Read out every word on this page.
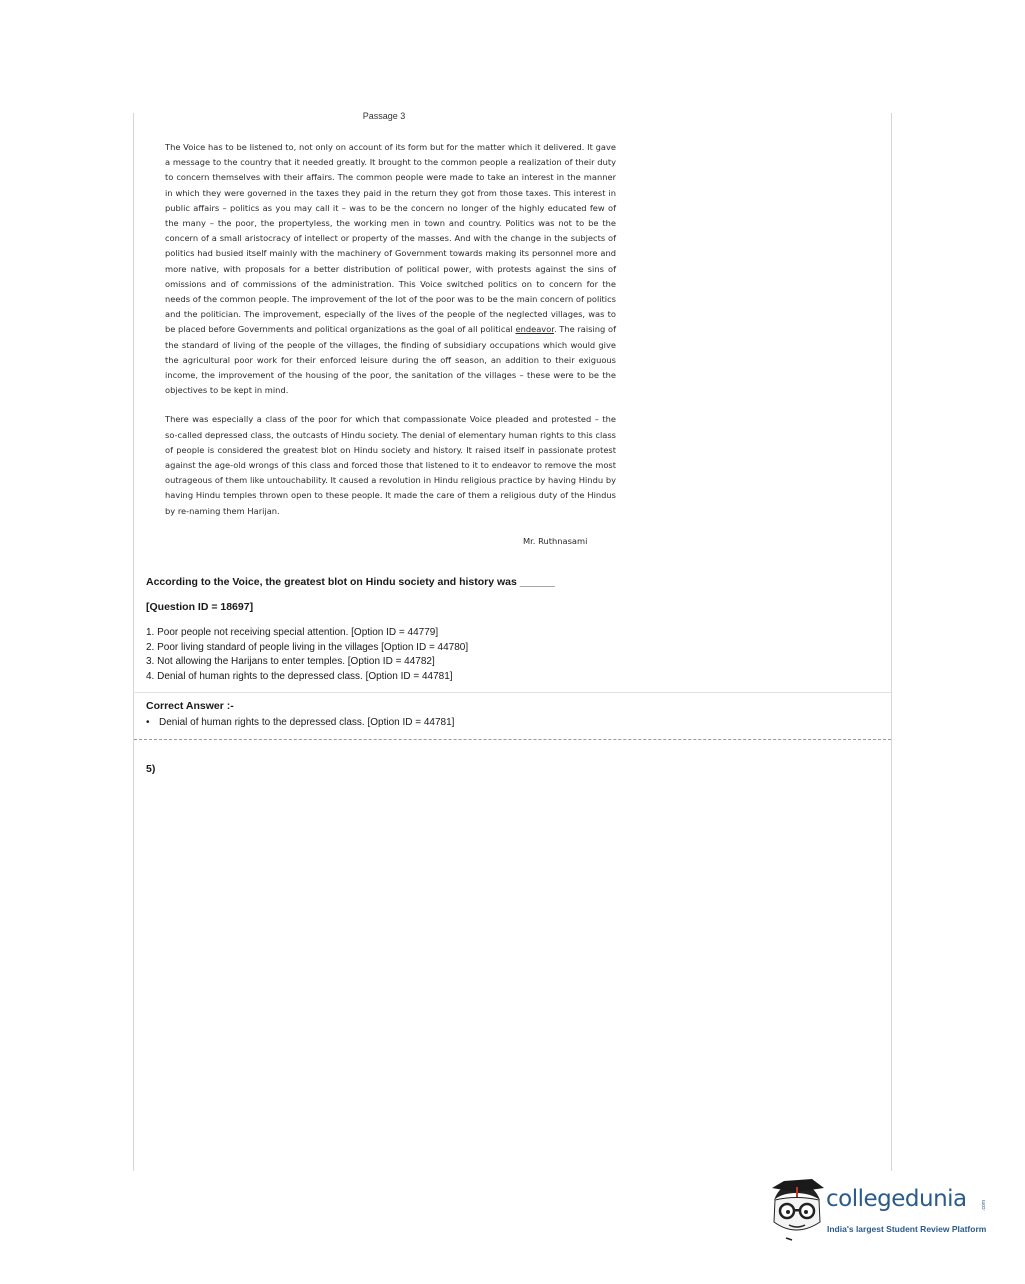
Passage 3

The Voice has to be listened to, not only on account of its form but for the matter which it delivered. It gave a message to the country that it needed greatly. It brought to the common people a realization of their duty to concern themselves with their affairs. The common people were made to take an interest in the manner in which they were governed in the taxes they paid in the return they got from those taxes. This interest in public affairs – politics as you may call it – was to be the concern no longer of the highly educated few of the many – the poor, the propertyless, the working men in town and country. Politics was not to be the concern of a small aristocracy of intellect or property of the masses. And with the change in the subjects of politics had busied itself mainly with the machinery of Government towards making its personnel more and more native, with proposals for a better distribution of political power, with protests against the sins of omissions and of commissions of the administration. This Voice switched politics on to concern for the needs of the common people. The improvement of the lot of the poor was to be the main concern of politics and the politician. The improvement, especially of the lives of the people of the neglected villages, was to be placed before Governments and political organizations as the goal of all political endeavor. The raising of the standard of living of the people of the villages, the finding of subsidiary occupations which would give the agricultural poor work for their enforced leisure during the off season, an addition to their exiguous income, the improvement of the housing of the poor, the sanitation of the villages – these were to be the objectives to be kept in mind.

There was especially a class of the poor for which that compassionate Voice pleaded and protested – the so-called depressed class, the outcasts of Hindu society. The denial of elementary human rights to this class of people is considered the greatest blot on Hindu society and history. It raised itself in passionate protest against the age-old wrongs of this class and forced those that listened to it to endeavor to remove the most outrageous of them like untouchability. It caused a revolution in Hindu religious practice by having Hindu by having Hindu temples thrown open to these people. It made the care of them a religious duty of the Hindus by re-naming them Harijan.

Mr. Ruthnasami
According to the Voice, the greatest blot on Hindu society and history was ______
[Question ID = 18697]
1. Poor people not receiving special attention. [Option ID = 44779]
2. Poor living standard of people living in the villages [Option ID = 44780]
3. Not allowing the Harijans to enter temples. [Option ID = 44782]
4. Denial of human rights to the depressed class. [Option ID = 44781]
Correct Answer :-
• Denial of human rights to the depressed class. [Option ID = 44781]
5)
collegedunia	.com
India's largest Student Review Platform
